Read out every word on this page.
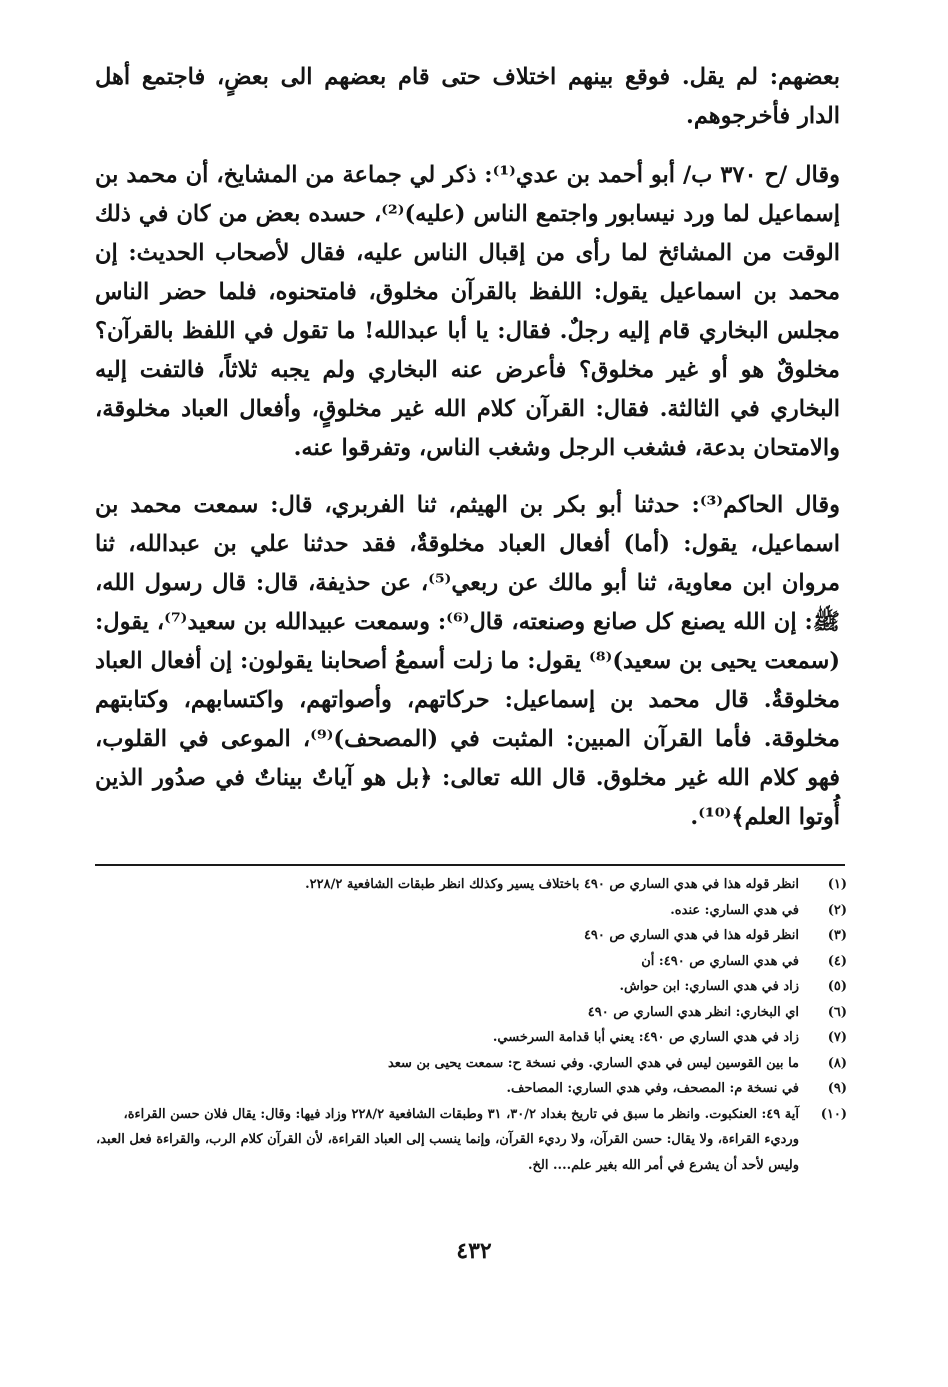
بعضهم: لم يقل. فوقع بينهم اختلاف حتى قام بعضهم الى بعضٍ، فاجتمع أهل الدار فأخرجوهم.

وقال /ح ٣٧٠ ب/ أبو أحمد بن عدي⁽¹⁾: ذكر لي جماعة من المشايخ، أن محمد بن إسماعيل لما ورد نيسابور واجتمع الناس (عليه)⁽²⁾، حسده بعض من كان في ذلك الوقت من المشائخ لما رأى من إقبال الناس عليه، فقال لأصحاب الحديث: إن محمد بن اسماعيل يقول: اللفظ بالقرآن مخلوق، فامتحنوه، فلما حضر الناس مجلس البخاري قام إليه رجلٌ. فقال: يا أبا عبدالله! ما تقول في اللفظ بالقرآن؟ مخلوقٌ هو أو غير مخلوق؟ فأعرض عنه البخاري ولم يجبه ثلاثاً، فالتفت إليه البخاري في الثالثة. فقال: القرآن كلام الله غير مخلوقٍ، وأفعال العباد مخلوقة، والامتحان بدعة، فشغب الرجل وشغب الناس، وتفرقوا عنه.

وقال الحاكم⁽³⁾: حدثنا أبو بكر بن الهيثم، ثنا الفربري، قال: سمعت محمد بن اسماعيل، يقول: (أما) أفعال العباد مخلوقةٌ، فقد حدثنا علي بن عبدالله، ثنا مروان ابن معاوية، ثنا أبو مالك عن ربعي⁽⁵⁾، عن حذيفة، قال: قال رسول الله، ﷺ: إن الله يصنع كل صانع وصنعته، قال⁽⁶⁾: وسمعت عبيدالله بن سعيد⁽⁷⁾، يقول: (سمعت يحيى بن سعيد)⁽⁸⁾ يقول: ما زلت أسمعُ أصحابنا يقولون: إن أفعال العباد مخلوقةٌ. قال محمد بن إسماعيل: حركاتهم، وأصواتهم، واكتسابهم، وكتابتهم مخلوقة. فأما القرآن المبين: المثبت في (المصحف)⁽⁹⁾، الموعى في القلوب، فهو كلام الله غير مخلوق. قال الله تعالى: ﴿بل هو آياتٌ بيناتٌ في صدُور الذين أُوتوا العلم﴾⁽¹⁰⁾.

(١)
انظر قوله هذا في هدي الساري ص ٤٩٠ باختلاف يسير وكذلك انظر طبقات الشافعية ٢٢٨/٢.
(٢)
في هدي الساري: عنده.
(٣)
انظر قوله هذا في هدي الساري ص ٤٩٠
(٤)
في هدي الساري ص ٤٩٠: أن
(٥)
زاد في هدي الساري: ابن حواش.
(٦)
اي البخاري: انظر هدي الساري ص ٤٩٠
(٧)
زاد في هدي الساري ص ٤٩٠: يعني أبا قدامة السرخسي.
(٨)
ما بين القوسين ليس في هدي الساري. وفي نسخة ح: سمعت يحيى بن سعد
(٩)
في نسخة م: المصحف، وفي هدي الساري: المصاحف.
(١٠)
آية ٤٩: العنكبوت. وانظر ما سبق في تاريخ بغداد ٣٠/٢، ٣١ وطبقات الشافعية ٢٢٨/٢ وزاد فيها: وقال: يقال فلان حسن القراءة، ورديء القراءة، ولا يقال: حسن القرآن، ولا رديء القرآن، وإنما ينسب إلى العباد القراءة، لأن القرآن كلام الرب، والقراءة فعل العبد، وليس لأحد أن يشرع في أمر الله بغير علم.... الخ.
٤٣٢
